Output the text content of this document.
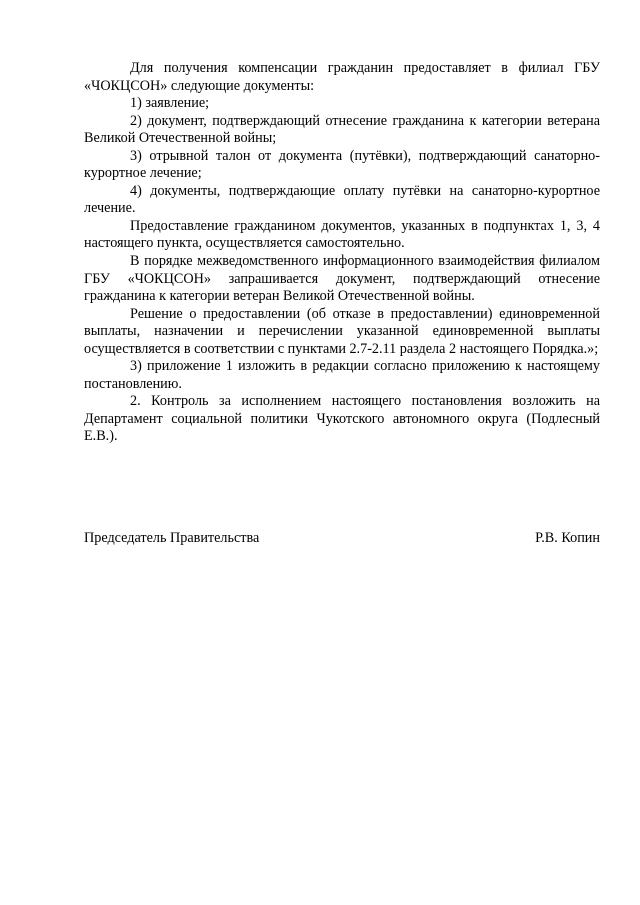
Для получения компенсации гражданин предоставляет в филиал ГБУ «ЧОКЦСОН» следующие документы:

1) заявление;

2) документ, подтверждающий отнесение гражданина к категории ветерана Великой Отечественной войны;

3) отрывной талон от документа (путёвки), подтверждающий санаторно-курортное лечение;

4) документы, подтверждающие оплату путёвки на санаторно-курортное лечение.

Предоставление гражданином документов, указанных в подпунктах 1, 3, 4 настоящего пункта, осуществляется самостоятельно.

В порядке межведомственного информационного взаимодействия филиалом ГБУ «ЧОКЦСОН» запрашивается документ, подтверждающий отнесение гражданина к категории ветеран Великой Отечественной войны.

Решение о предоставлении (об отказе в предоставлении) единовременной выплаты, назначении и перечислении указанной единовременной выплаты осуществляется в соответствии с пунктами 2.7-2.11 раздела 2 настоящего Порядка.»;

3) приложение 1 изложить в редакции согласно приложению к настоящему постановлению.

2. Контроль за исполнением настоящего постановления возложить на Департамент социальной политики Чукотского автономного округа (Подлесный Е.В.).

Председатель Правительства	Р.В. Копин
